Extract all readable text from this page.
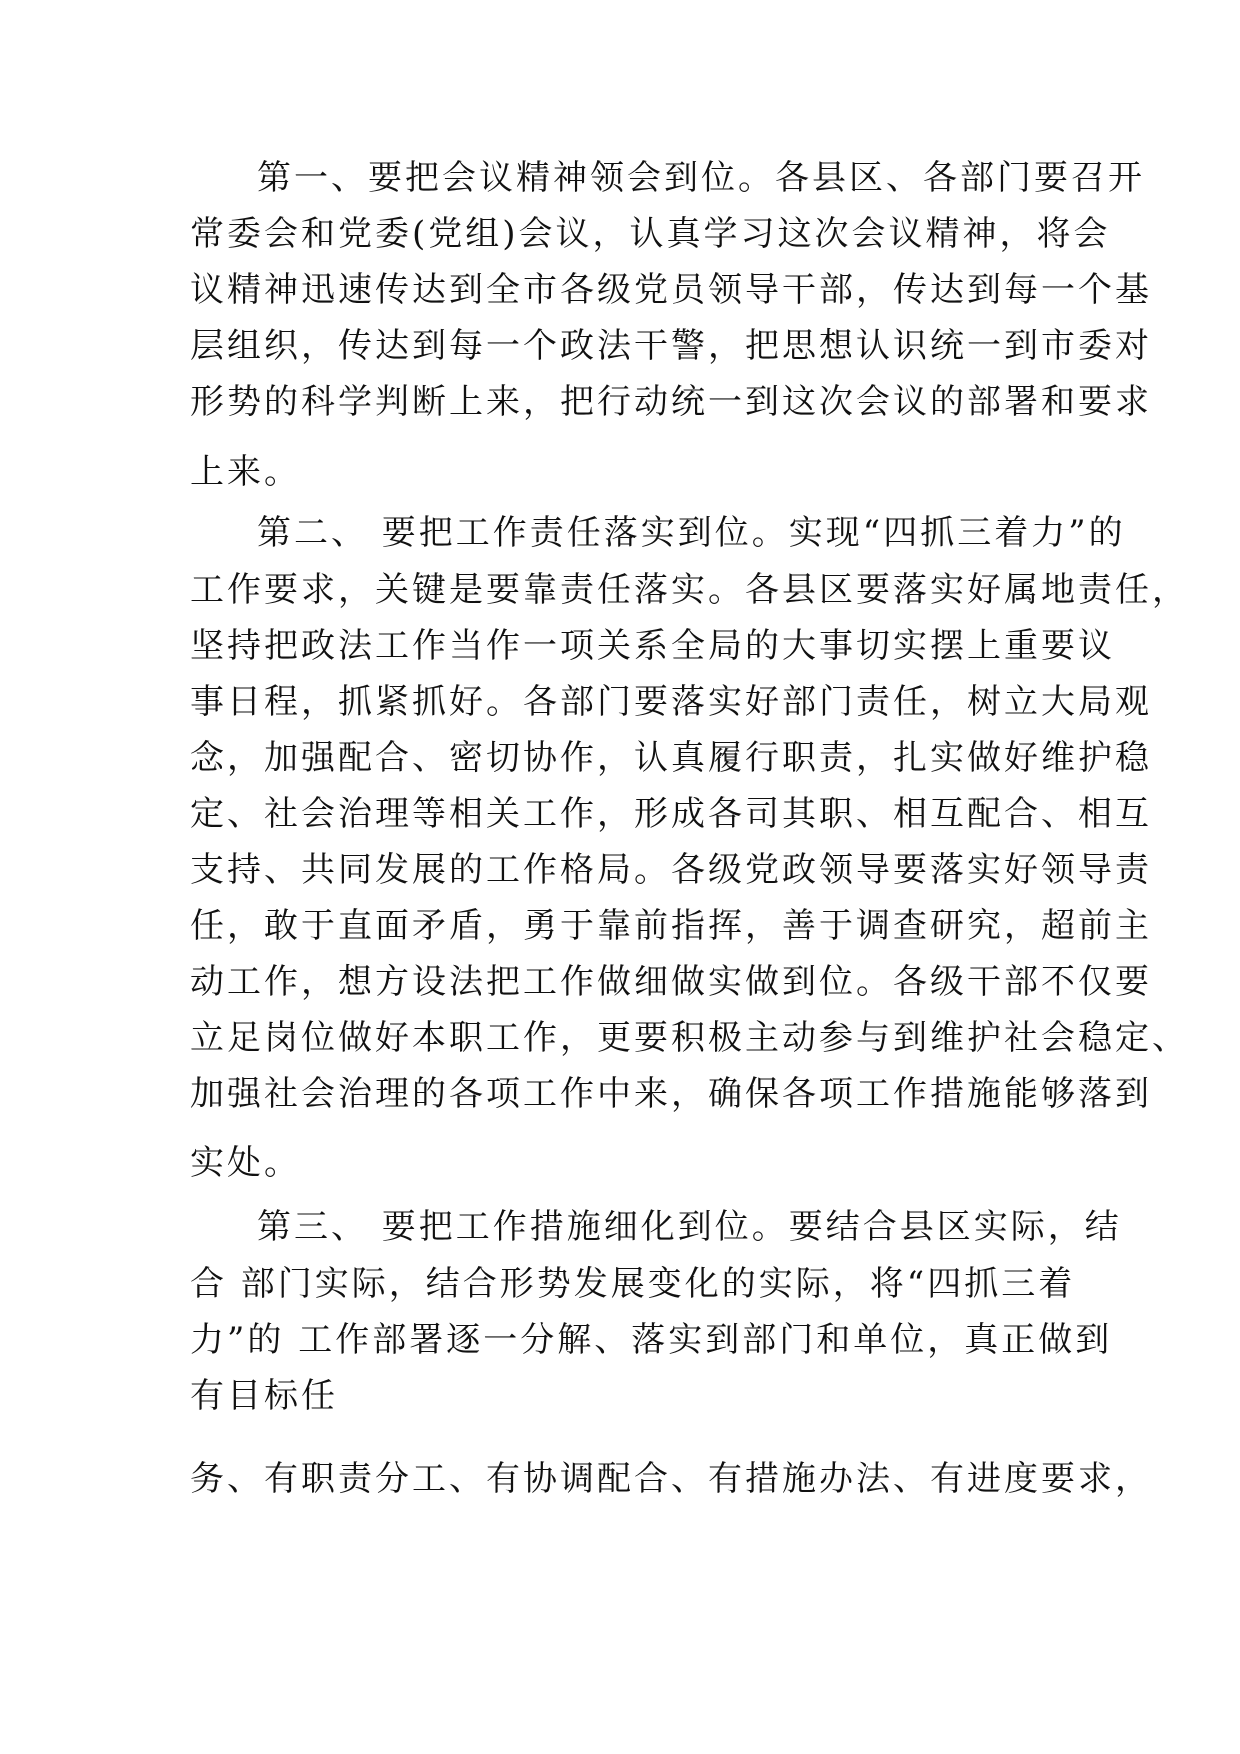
第一、要把会议精神领会到位。各县区、各部门要召开
常委会和党委(党组)会议，认真学习这次会议精神，将会
议精神迅速传达到全市各级党员领导干部，传达到每一个基
层组织，传达到每一个政法干警，把思想认识统一到市委对
形势的科学判断上来，把行动统一到这次会议的部署和要求
上来。
第二、 要把工作责任落实到位。实现“四抓三着力”的
工作要求，关键是要靠责任落实。各县区要落实好属地责任，
坚持把政法工作当作一项关系全局的大事切实摆上重要议
事日程，抓紧抓好。各部门要落实好部门责任，树立大局观
念，加强配合、密切协作，认真履行职责，扎实做好维护稳
定、社会治理等相关工作，形成各司其职、相互配合、相互
支持、共同发展的工作格局。各级党政领导要落实好领导责
任，敢于直面矛盾，勇于靠前指挥，善于调查研究，超前主
动工作，想方设法把工作做细做实做到位。各级干部不仅要
立足岗位做好本职工作，更要积极主动参与到维护社会稳定、
加强社会治理的各项工作中来，确保各项工作措施能够落到
实处。
第三、 要把工作措施细化到位。要结合县区实际，结
合 部门实际，结合形势发展变化的实际，将“四抓三着
力”的 工作部署逐一分解、落实到部门和单位，真正做到
有目标任
务、有职责分工、有协调配合、有措施办法、有进度要求，
